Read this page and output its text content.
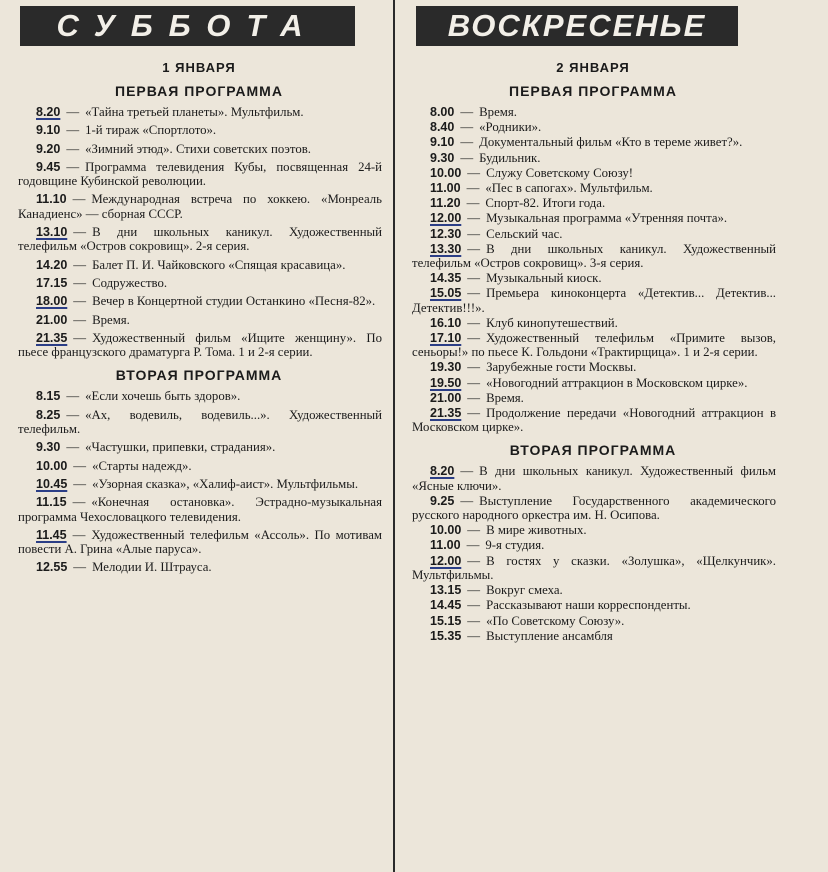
СУББОТА
1 ЯНВАРЯ
ПЕРВАЯ ПРОГРАММА
8.20 — «Тайна третьей планеты». Мультфильм.
9.10 — 1-й тираж «Спортлото».
9.20 — «Зимний этюд». Стихи советских поэтов.
9.45 — Программа телевидения Кубы, посвященная 24-й годовщине Кубинской революции.
11.10 — Международная встреча по хоккею. «Монреаль Канадиенс» — сборная СССР.
13.10 — В дни школьных каникул. Художественный телефильм «Остров сокровищ». 2-я серия.
14.20 — Балет П. И. Чайковского «Спящая красавица».
17.15 — Содружество.
18.00 — Вечер в Концертной студии Останкино «Песня-82».
21.00 — Время.
21.35 — Художественный фильм «Ищите женщину». По пьесе французского драматурга Р. Тома. 1 и 2-я серии.
ВТОРАЯ ПРОГРАММА
8.15 — «Если хочешь быть здоров».
8.25 — «Ах, водевиль, водевиль...». Художественный телефильм.
9.30 — «Частушки, припевки, страдания».
10.00 — «Старты надежд».
10.45 — «Узорная сказка», «Халиф-аист». Мультфильмы.
11.15 — «Конечная остановка». Эстрадно-музыкальная программа Чехословацкого телевидения.
11.45 — Художественный телефильм «Ассоль». По мотивам повести А. Грина «Алые паруса».
12.55 — Мелодии И. Штрауса.
ВОСКРЕСЕНЬЕ
2 ЯНВАРЯ
ПЕРВАЯ ПРОГРАММА
8.00 — Время.
8.40 — «Родники».
9.10 — Документальный фильм «Кто в тереме живет?».
9.30 — Будильник.
10.00 — Служу Советскому Союзу!
11.00 — «Пес в сапогах». Мультфильм.
11.20 — Спорт-82. Итоги года.
12.00 — Музыкальная программа «Утренняя почта».
12.30 — Сельский час.
13.30 — В дни школьных каникул. Художественный телефильм «Остров сокровищ». 3-я серия.
14.35 — Музыкальный киоск.
15.05 — Премьера киноконцерта «Детектив... Детектив... Детектив!!!».
16.10 — Клуб кинопутешествий.
17.10 — Художественный телефильм «Примите вызов, сеньоры!» по пьесе К. Гольдони «Трактирщица». 1 и 2-я серии.
19.30 — Зарубежные гости Москвы.
19.50 — «Новогодний аттракцион в Московском цирке».
21.00 — Время.
21.35 — Продолжение передачи «Новогодний аттракцион в Московском цирке».
ВТОРАЯ ПРОГРАММА
8.20 — В дни школьных каникул. Художественный фильм «Ясные ключи».
9.25 — Выступление Государственного академического русского народного оркестра им. Н. Осипова.
10.00 — В мире животных.
11.00 — 9-я студия.
12.00 — В гостях у сказки. «Золушка», «Щелкунчик». Мультфильмы.
13.15 — Вокруг смеха.
14.45 — Рассказывают наши корреспонденты.
15.15 — «По Советскому Союзу».
15.35 — Выступление ансамбля
